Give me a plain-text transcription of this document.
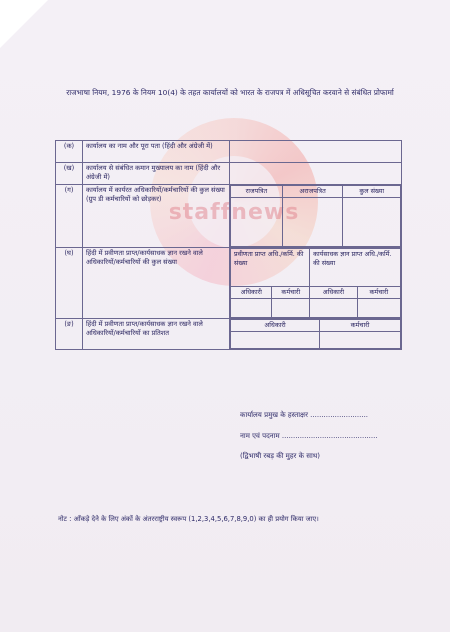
staffnews
राजभाषा नियम, 1976 के नियम 10(4) के तहत कार्यालयों को भारत के राजपत्र में अधिसूचित करवाने से संबंधित प्रोफार्मा
(क)	कार्यालय का नाम और पूरा पता (हिंदी और अंग्रेजी में)	
(ख)	कार्यालय से संबंधित कमान मुख्यालय का नाम (हिंदी और अंग्रेजी में)	
(ग)	कार्यालय में कार्यरत अधिकारियों/कर्मचारियों की कुल संख्या (ग्रुप डी कर्मचारियों को छोड़कर)	
राजपत्रित	अराजपत्रित	कुल संख्या

(घ)	हिंदी में प्रवीणता प्राप्त/कार्यसाधक ज्ञान रखने वाले अधिकारियों/कर्मचारियों की कुल संख्या	
प्रवीणता प्राप्त अधि./कर्मि. की संख्या	कार्यसाधक ज्ञान प्राप्त अधि./कर्मि. की संख्या
अधिकारी	कर्मचारी	अधिकारी	कर्मचारी

(ङ)	हिंदी में प्रवीणता प्राप्त/कार्यसाधक ज्ञान रखने वाले अधिकारियों/कर्मचारियों का प्रतिशत	
अधिकारी	कर्मचारी

कार्यालय प्रमुख के हस्ताक्षर ..........................
नाम एवं पदनाम ...........................................
(द्विभाषी रबड़ की मुहर के साथ)
नोट : आँकड़े देने के लिए अंकों के अंतरराष्ट्रीय स्वरूप (1,2,3,4,5,6,7,8,9,0) का ही प्रयोग किया जाए।
